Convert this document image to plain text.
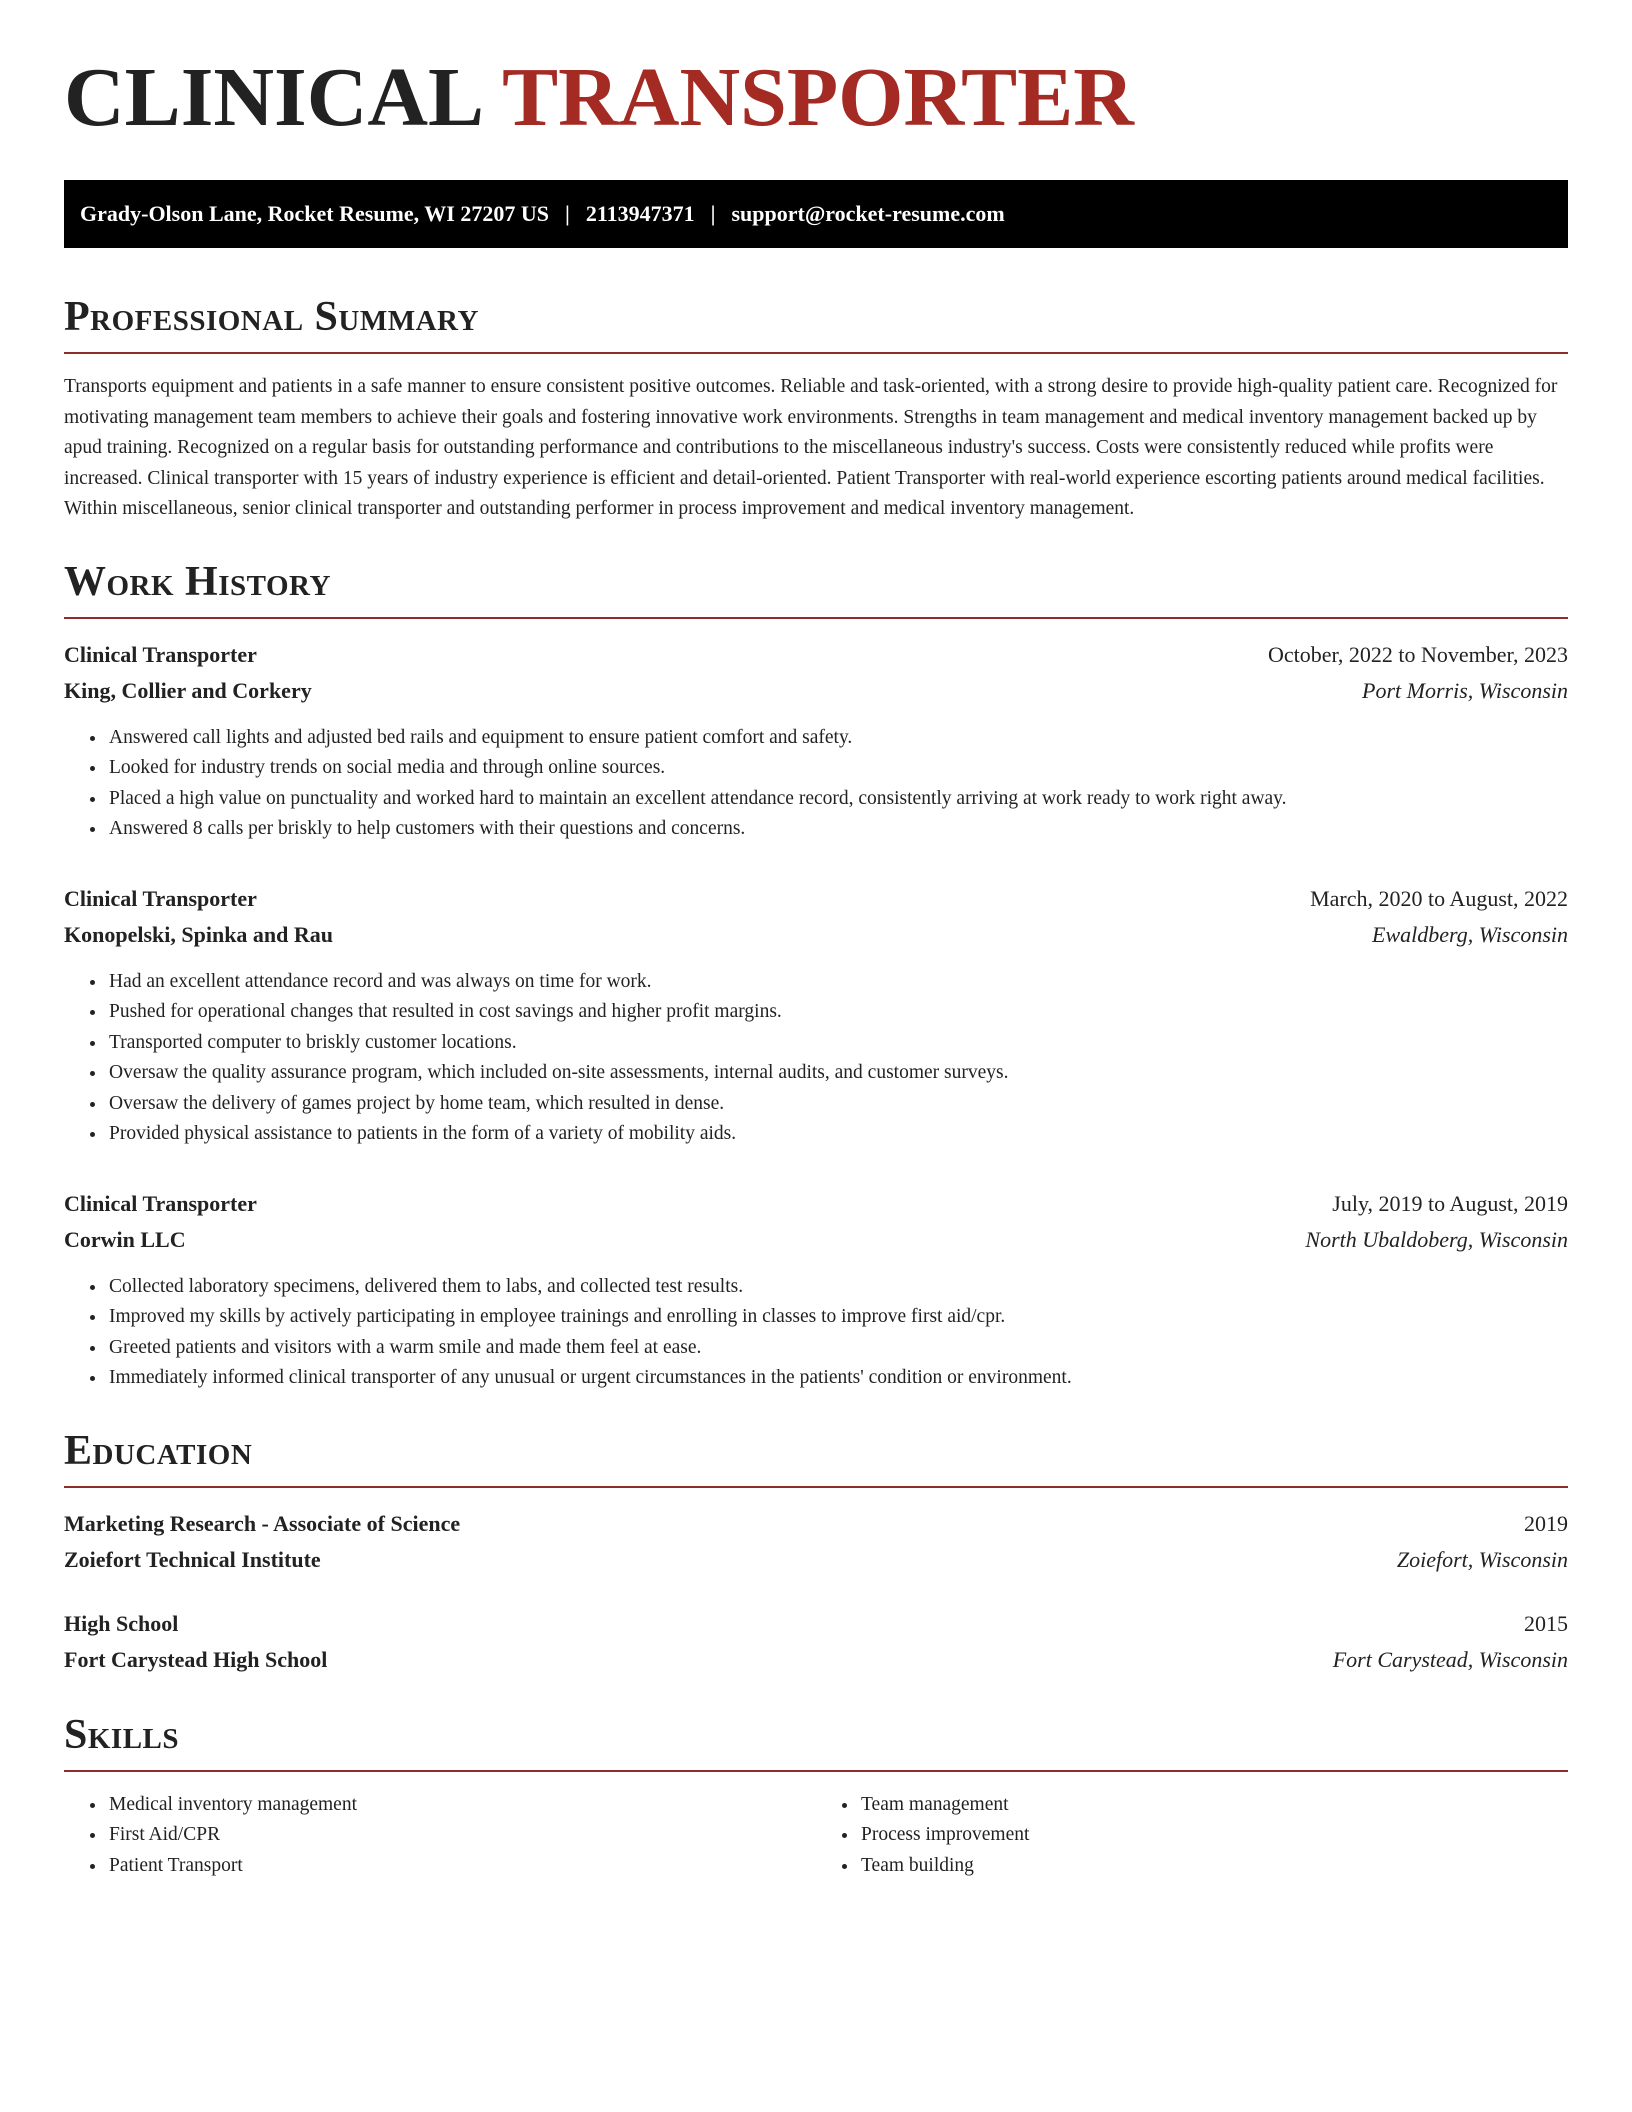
CLINICAL TRANSPORTER
Grady-Olson Lane, Rocket Resume, WI 27207 US | 2113947371 | support@rocket-resume.com
Professional Summary

Transports equipment and patients in a safe manner to ensure consistent positive outcomes. Reliable and task-oriented, with a strong desire to provide high-quality patient care. Recognized for motivating management team members to achieve their goals and fostering innovative work environments. Strengths in team management and medical inventory management backed up by apud training. Recognized on a regular basis for outstanding performance and contributions to the miscellaneous industry's success. Costs were consistently reduced while profits were increased. Clinical transporter with 15 years of industry experience is efficient and detail-oriented. Patient Transporter with real-world experience escorting patients around medical facilities. Within miscellaneous, senior clinical transporter and outstanding performer in process improvement and medical inventory management.

Work History
Clinical Transporter	October, 2022 to November, 2023
King, Collier and Corkery	Port Morris, Wisconsin
• Answered call lights and adjusted bed rails and equipment to ensure patient comfort and safety.
• Looked for industry trends on social media and through online sources.
• Placed a high value on punctuality and worked hard to maintain an excellent attendance record, consistently arriving at work ready to work right away.
• Answered 8 calls per briskly to help customers with their questions and concerns.
Clinical Transporter	March, 2020 to August, 2022
Konopelski, Spinka and Rau	Ewaldberg, Wisconsin
• Had an excellent attendance record and was always on time for work.
• Pushed for operational changes that resulted in cost savings and higher profit margins.
• Transported computer to briskly customer locations.
• Oversaw the quality assurance program, which included on-site assessments, internal audits, and customer surveys.
• Oversaw the delivery of games project by home team, which resulted in dense.
• Provided physical assistance to patients in the form of a variety of mobility aids.
Clinical Transporter	July, 2019 to August, 2019
Corwin LLC	North Ubaldoberg, Wisconsin
• Collected laboratory specimens, delivered them to labs, and collected test results.
• Improved my skills by actively participating in employee trainings and enrolling in classes to improve first aid/cpr.
• Greeted patients and visitors with a warm smile and made them feel at ease.
• Immediately informed clinical transporter of any unusual or urgent circumstances in the patients' condition or environment.
Education
Marketing Research - Associate of Science	2019
Zoiefort Technical Institute	Zoiefort, Wisconsin
High School	2015
Fort Carystead High School	Fort Carystead, Wisconsin
Skills
• Medical inventory management
• First Aid/CPR
• Patient Transport
• Team management
• Process improvement
• Team building
